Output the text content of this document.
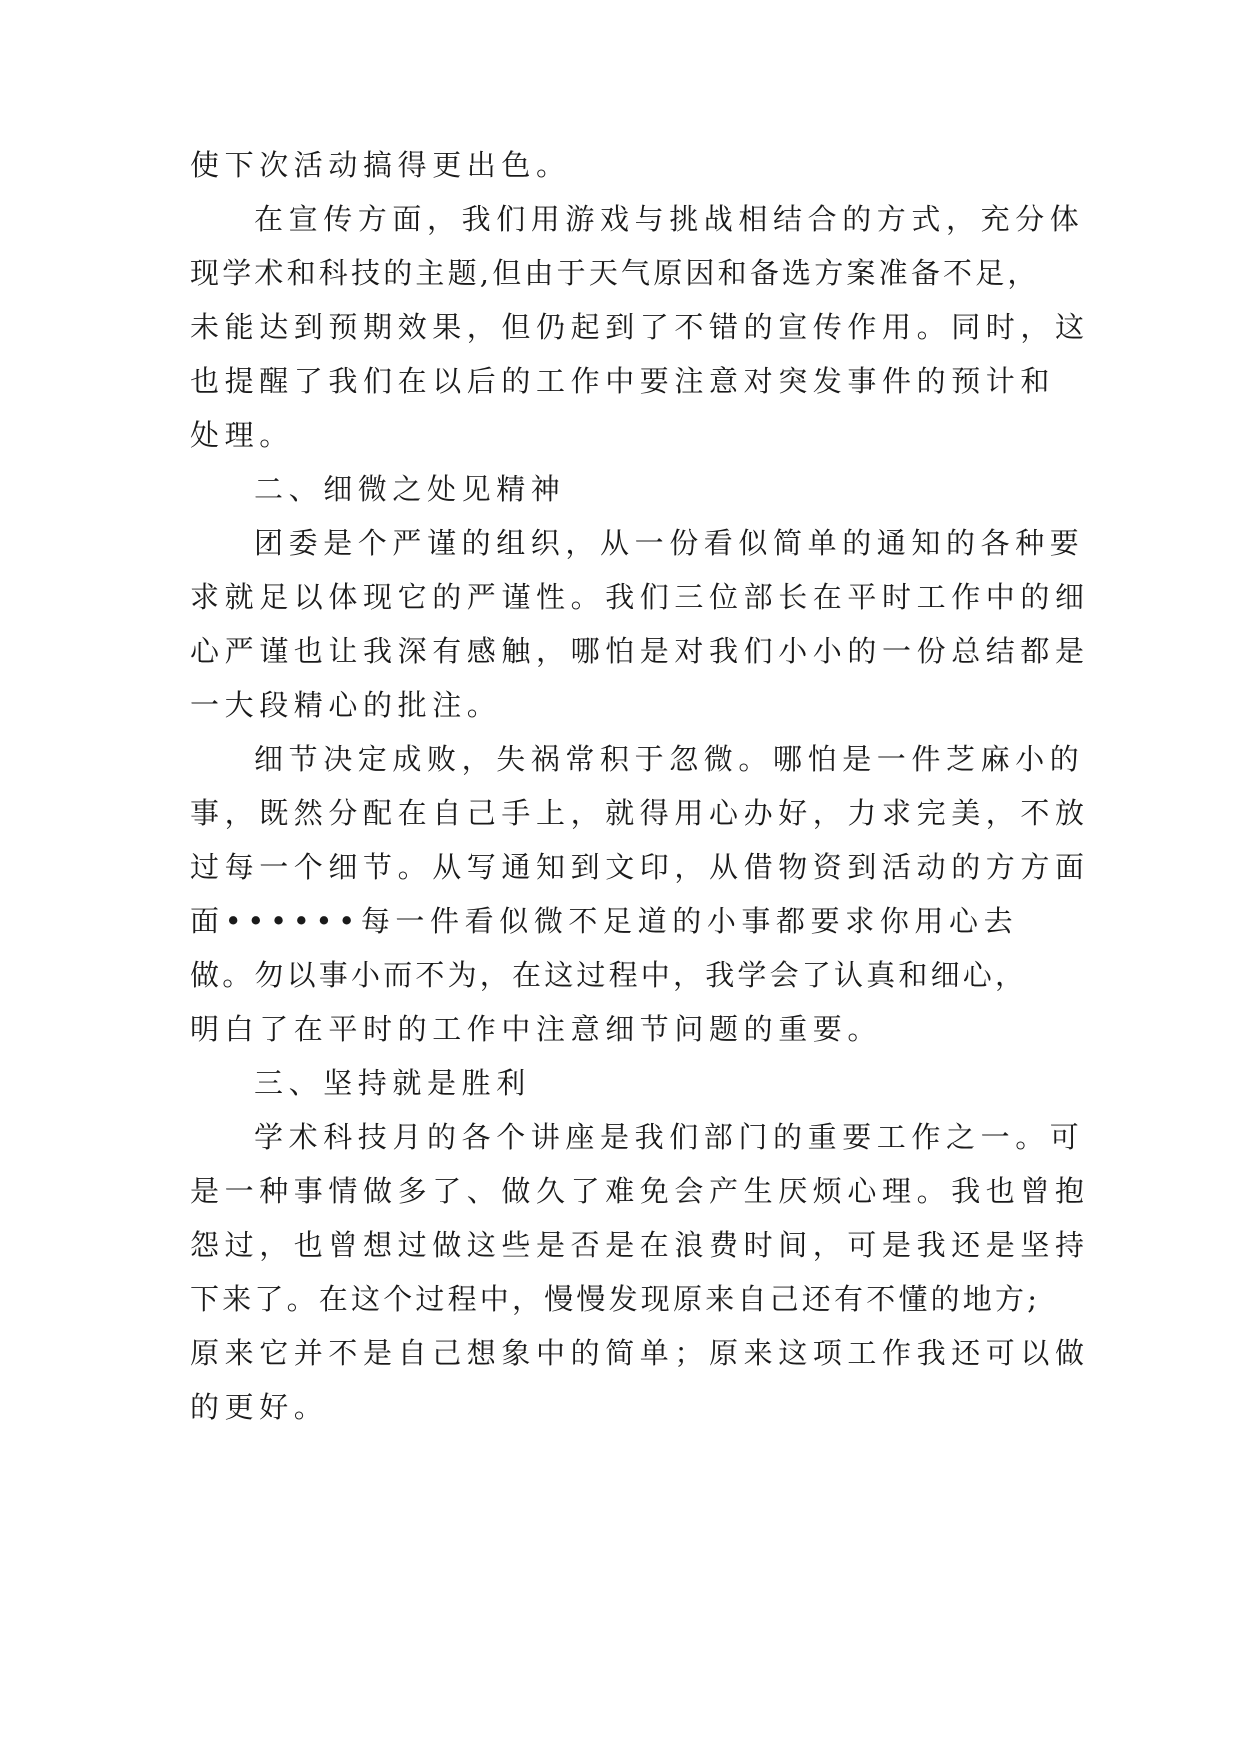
使下次活动搞得更出色。
在宣传方面，我们用游戏与挑战相结合的方式，充分体
现学术和科技的主题,但由于天气原因和备选方案准备不足，
未能达到预期效果，但仍起到了不错的宣传作用。同时，这
也提醒了我们在以后的工作中要注意对突发事件的预计和
处理。
二、细微之处见精神
团委是个严谨的组织，从一份看似简单的通知的各种要
求就足以体现它的严谨性。我们三位部长在平时工作中的细
心严谨也让我深有感触，哪怕是对我们小小的一份总结都是
一大段精心的批注。
细节决定成败，失祸常积于忽微。哪怕是一件芝麻小的
事，既然分配在自己手上，就得用心办好，力求完美，不放
过每一个细节。从写通知到文印，从借物资到活动的方方面
面••••••每一件看似微不足道的小事都要求你用心去
做。勿以事小而不为，在这过程中，我学会了认真和细心，
明白了在平时的工作中注意细节问题的重要。
三、坚持就是胜利
学术科技月的各个讲座是我们部门的重要工作之一。可
是一种事情做多了、做久了难免会产生厌烦心理。我也曾抱
怨过，也曾想过做这些是否是在浪费时间，可是我还是坚持
下来了。在这个过程中，慢慢发现原来自己还有不懂的地方;
原来它并不是自己想象中的简单；原来这项工作我还可以做
的更好。
